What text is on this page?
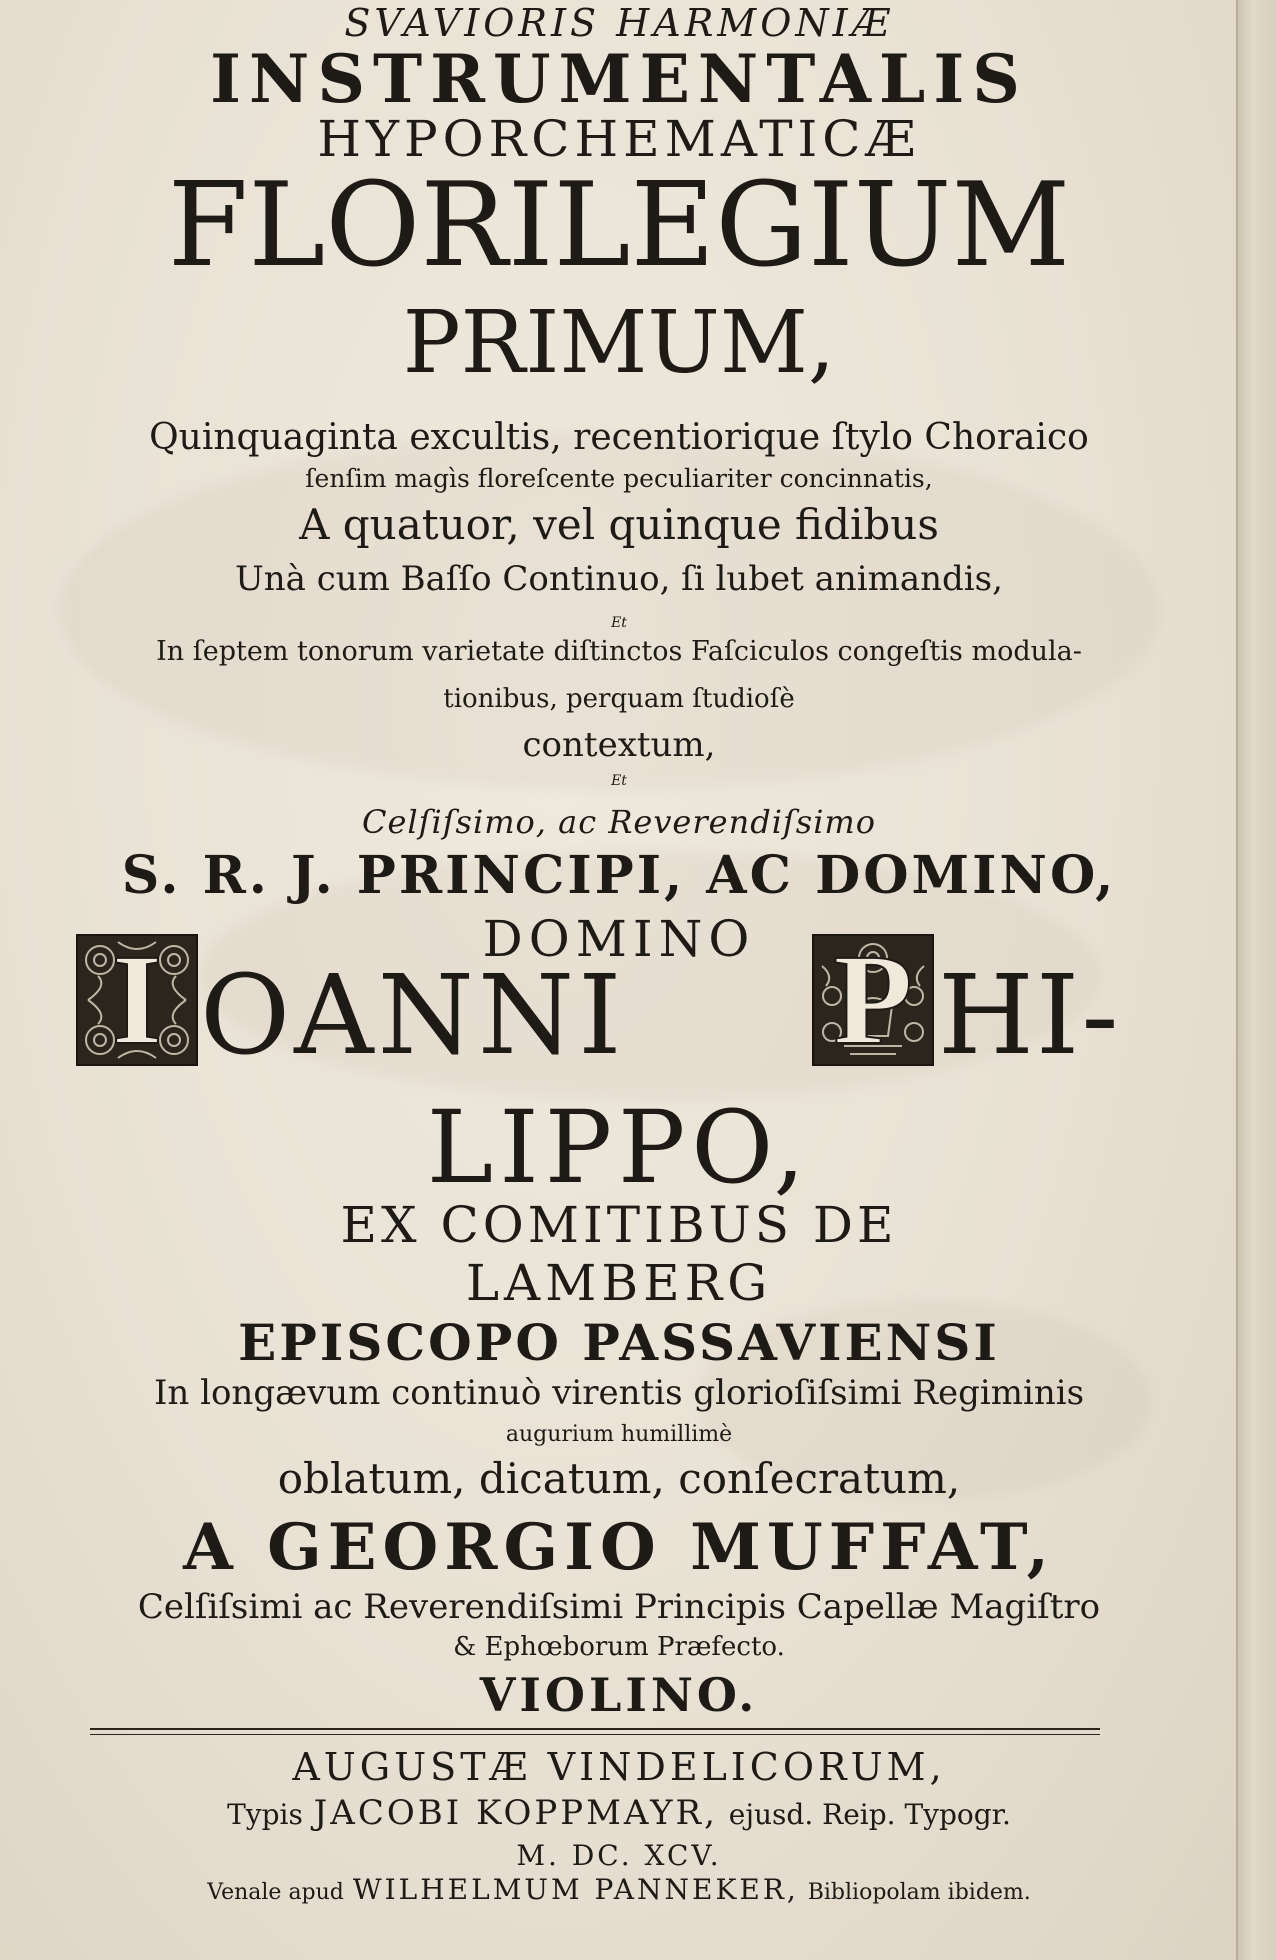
SVAVIORIS HARMONIÆ
INSTRUMENTALIS
HYPORCHEMATICÆ
FLORILEGIUM
PRIMUM,
Quinquaginta excultis, recentiorique ſtylo Choraico
ſenſim magìs floreſcente peculiariter concinnatis,
A quatuor, vel quinque fidibus
Unà cum Baſſo Continuo, ſi lubet animandis,
Et
In ſeptem tonorum varietate diſtinctos Faſciculos congeſtis modula-
tionibus, perquam ſtudioſè
contextum,
Et
Celſiſsimo, ac Reverendiſsimo
S. R. J. PRINCIPI, AC DOMINO,
DOMINO
I OANNI P HI-
LIPPO,
EX COMITIBUS DE
LAMBERG
EPISCOPO PASSAVIENSI
In longævum continuò virentis glorioſiſsimi Regiminis
augurium humillimè
oblatum, dicatum, conſecratum,
A GEORGIO MUFFAT,
Celſiſsimi ac Reverendiſsimi Principis Capellæ Magiſtro
& Ephœborum Præfecto.
VIOLINO.
AUGUSTÆ VINDELICORUM,
Typis JACOBI KOPPMAYR, ejusd. Reip. Typogr.
M. DC. XCV.
Venale apud WILHELMUM PANNEKER, Bibliopolam ibidem.
